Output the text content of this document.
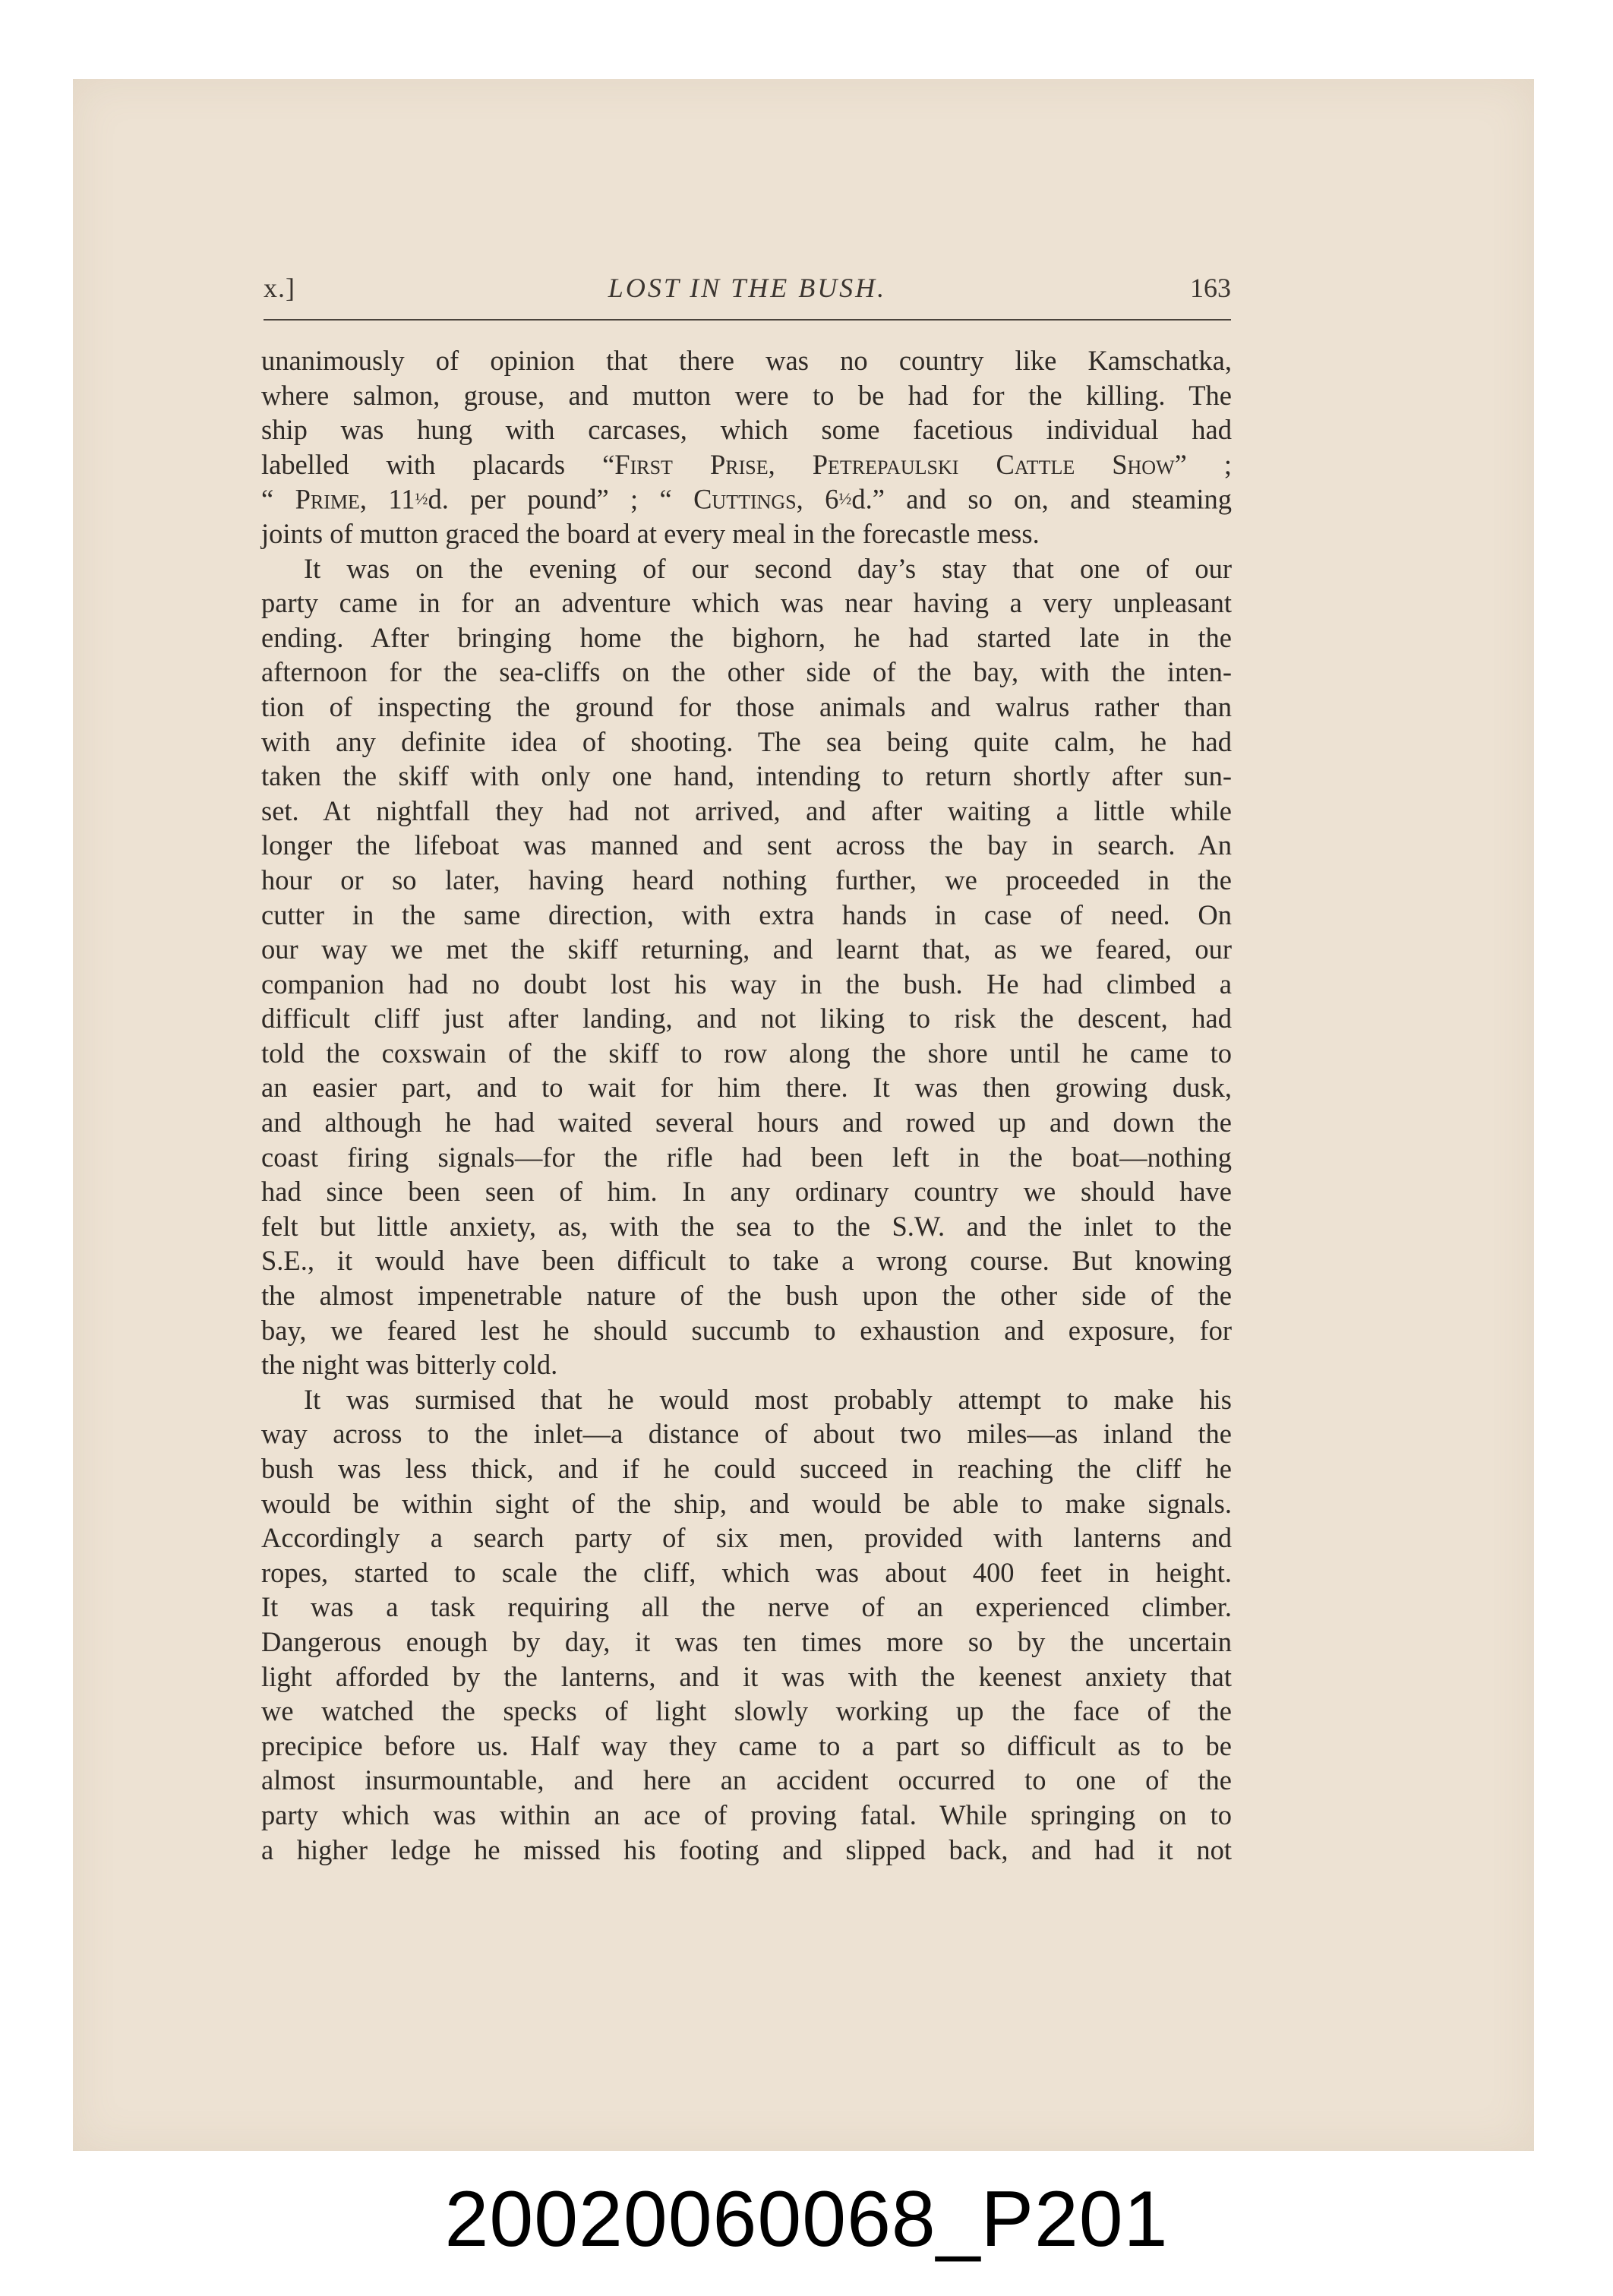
x.]	LOST IN THE BUSH.	163
unanimously of opinion that there was no country like Kamschatka,
where salmon, grouse, and mutton were to be had for the killing. The
ship was hung with carcases, which some facetious individual had
labelled with placards “First Prise, Petrepaulski Cattle Show” ;
“ Prime, 11½d. per pound” ; “ Cuttings, 6½d.” and so on, and steaming
joints of mutton graced the board at every meal in the forecastle mess.
It was on the evening of our second day’s stay that one of our
party came in for an adventure which was near having a very unpleasant
ending. After bringing home the bighorn, he had started late in the
afternoon for the sea-cliffs on the other side of the bay, with the inten-
tion of inspecting the ground for those animals and walrus rather than
with any definite idea of shooting. The sea being quite calm, he had
taken the skiff with only one hand, intending to return shortly after sun-
set. At nightfall they had not arrived, and after waiting a little while
longer the lifeboat was manned and sent across the bay in search. An
hour or so later, having heard nothing further, we proceeded in the
cutter in the same direction, with extra hands in case of need. On
our way we met the skiff returning, and learnt that, as we feared, our
companion had no doubt lost his way in the bush. He had climbed a
difficult cliff just after landing, and not liking to risk the descent, had
told the coxswain of the skiff to row along the shore until he came to
an easier part, and to wait for him there. It was then growing dusk,
and although he had waited several hours and rowed up and down the
coast firing signals—for the rifle had been left in the boat—nothing
had since been seen of him. In any ordinary country we should have
felt but little anxiety, as, with the sea to the S.W. and the inlet to the
S.E., it would have been difficult to take a wrong course. But knowing
the almost impenetrable nature of the bush upon the other side of the
bay, we feared lest he should succumb to exhaustion and exposure, for
the night was bitterly cold.
It was surmised that he would most probably attempt to make his
way across to the inlet—a distance of about two miles—as inland the
bush was less thick, and if he could succeed in reaching the cliff he
would be within sight of the ship, and would be able to make signals.
Accordingly a search party of six men, provided with lanterns and
ropes, started to scale the cliff, which was about 400 feet in height.
It was a task requiring all the nerve of an experienced climber.
Dangerous enough by day, it was ten times more so by the uncertain
light afforded by the lanterns, and it was with the keenest anxiety that
we watched the specks of light slowly working up the face of the
precipice before us. Half way they came to a part so difficult as to be
almost insurmountable, and here an accident occurred to one of the
party which was within an ace of proving fatal. While springing on to
a higher ledge he missed his footing and slipped back, and had it not
20020060068_P201
